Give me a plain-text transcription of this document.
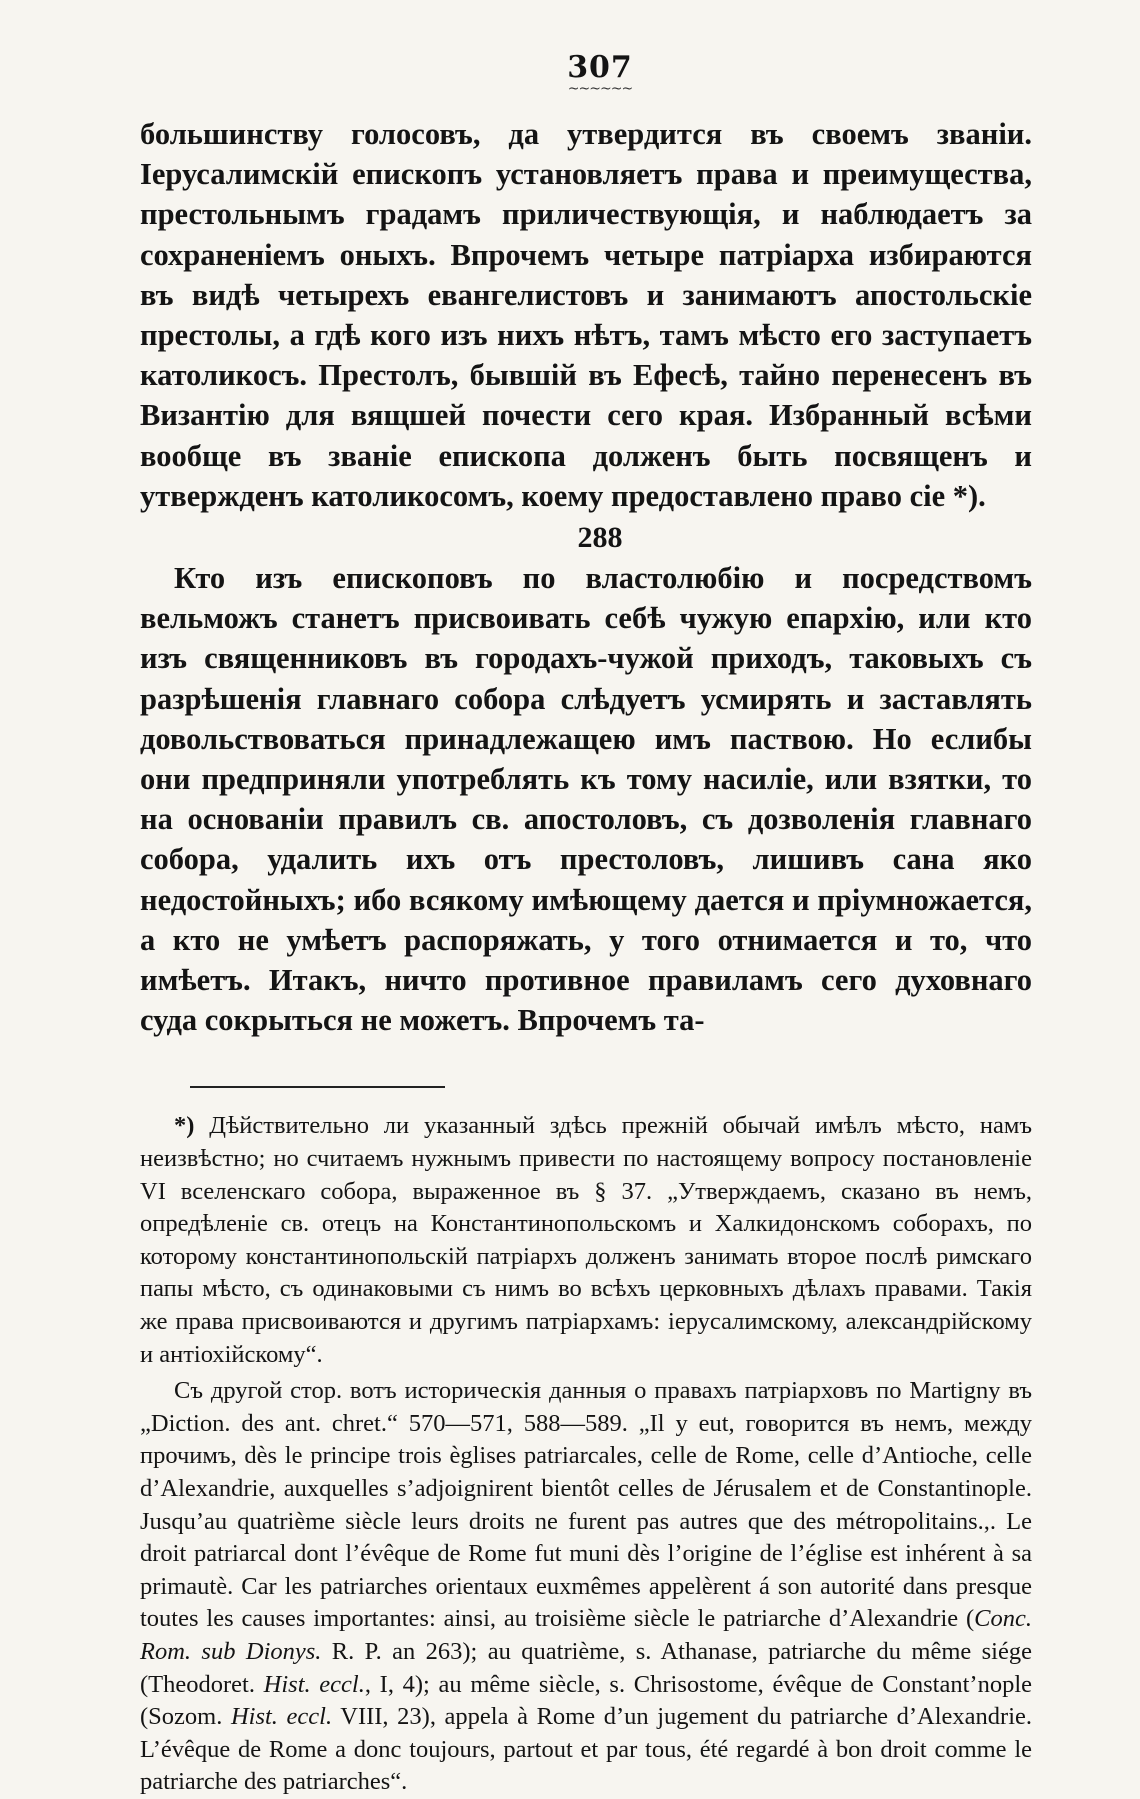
307
~~~~~~

большинству голосовъ, да утвердится въ своемъ званіи. Іерусалимскій епископъ установляетъ права и преимущества, престольнымъ градамъ приличествующія, и наблюдаетъ за сохраненіемъ оныхъ. Впрочемъ четыре патріарха избираются въ видѣ четырехъ евангелистовъ и занимаютъ апостольскіе престолы, а гдѣ кого изъ нихъ нѣтъ, тамъ мѣсто его заступаетъ католикосъ. Престолъ, бывшій въ Ефесѣ, тайно перенесенъ въ Византію для вящшей почести сего края. Избранный всѣми вообще въ званіе епископа долженъ быть посвященъ и утвержденъ католикосомъ, коему предоставлено право сіе *).

288

Кто изъ епископовъ по властолюбію и посредствомъ вельможъ станетъ присвоивать себѣ чужую епархію, или кто изъ священниковъ въ городахъ-чужой приходъ, таковыхъ съ разрѣшенія главнаго собора слѣдуетъ усмирять и заставлять довольствоваться принадлежащею имъ паствою. Но еслибы они предприняли употреблять къ тому насиліе, или взятки, то на основаніи правилъ св. апостоловъ, съ дозволенія главнаго собора, удалить ихъ отъ престоловъ, лишивъ сана яко недостойныхъ; ибо всякому имѣющему дается и пріумножается, а кто не умѣетъ распоряжать, у того отнимается и то, что имѣетъ. Итакъ, ничто противное правиламъ сего духовнаго суда сокрыться не можетъ. Впрочемъ та-

*) Дѣйствительно ли указанный здѣсь прежній обычай имѣлъ мѣсто, намъ неизвѣстно; но считаемъ нужнымъ привести по настоящему вопросу постановленіе VI вселенскаго собора, выраженное въ § 37. „Утверждаемъ, сказано въ немъ, опредѣленіе св. отецъ на Константинопольскомъ и Халкидонскомъ соборахъ, по которому константинопольскій патріархъ долженъ занимать второе послѣ римскаго папы мѣсто, съ одинаковыми съ нимъ во всѣхъ церковныхъ дѣлахъ правами. Такія же права присвоиваются и другимъ патріархамъ: іерусалимскому, александрійскому и антіохійскому“.

Съ другой стор. вотъ историческія данныя о правахъ патріарховъ по Martigny въ „Diction. des ant. chret.“ 570—571, 588—589. „Il y eut, говорится въ немъ, между прочимъ, dès le principe trois èglises patriarcales, celle de Rome, celle d’Antioche, celle d’Alexandrie, auxquelles s’adjoignirent bientôt celles de Jérusalem et de Constantinople. Jusqu’au quatrième siècle leurs droits ne furent pas autres que des métropolitains.,. Le droit patriarcal dont l’évêque de Rome fut muni dès l’origine de l’église est inhérent à sa primautè. Car les patriarches orientaux euxmêmes appelèrent á son autorité dans presque toutes les causes importantes: ainsi, au troisième siècle le patriarche d’Alexandrie (Conc. Rom. sub Dionys. R. P. an 263); au quatrième, s. Athanase, patriarche du même siége (Theodoret. Hist. eccl., I, 4); au même siècle, s. Chrisostome, évêque de Constant’nople (Sozom. Hist. eccl. VIII, 23), appela à Rome d’un jugement du patriarche d’Alexandrie. L’évêque de Rome a donc toujours, partout et par tous, été regardé à bon droit comme le patriarche des patriarches“.
